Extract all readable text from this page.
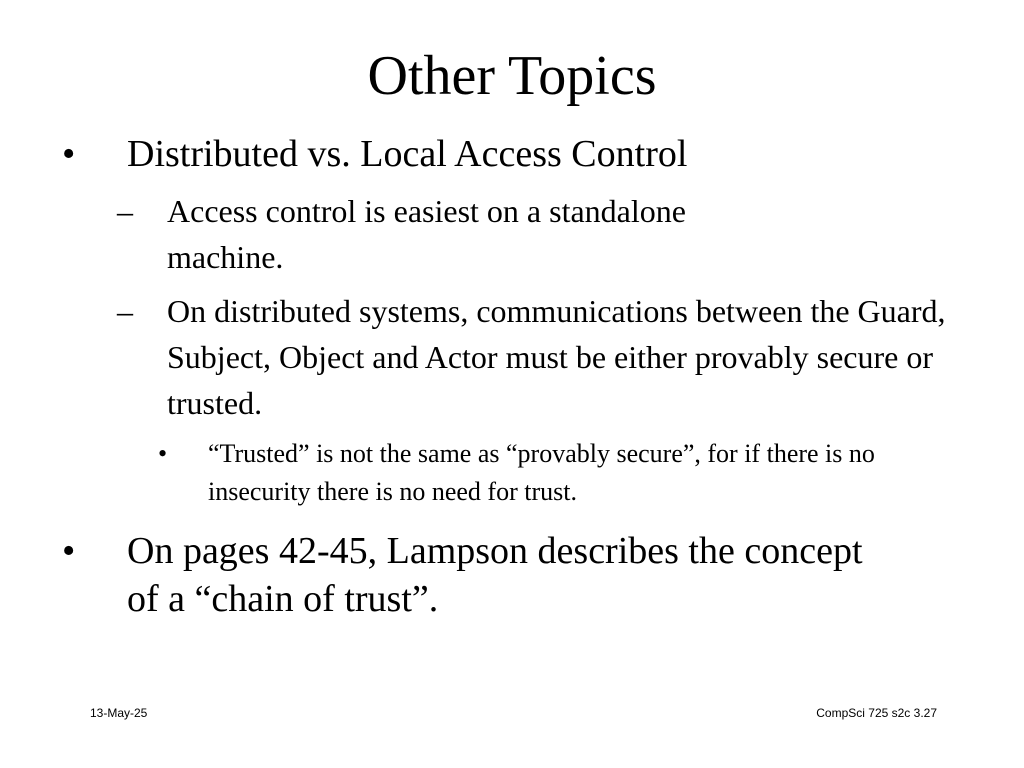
Other Topics
• Distributed vs. Local Access Control
– Access control is easiest on a standalone machine.
– On distributed systems, communications between the Guard, Subject, Object and Actor must be either provably secure or trusted.
• “Trusted” is not the same as “provably secure”, for if there is no insecurity there is no need for trust.
• On pages 42-45, Lampson describes the concept of a “chain of trust”.
13-May-25	CompSci 725 s2c 3.27
